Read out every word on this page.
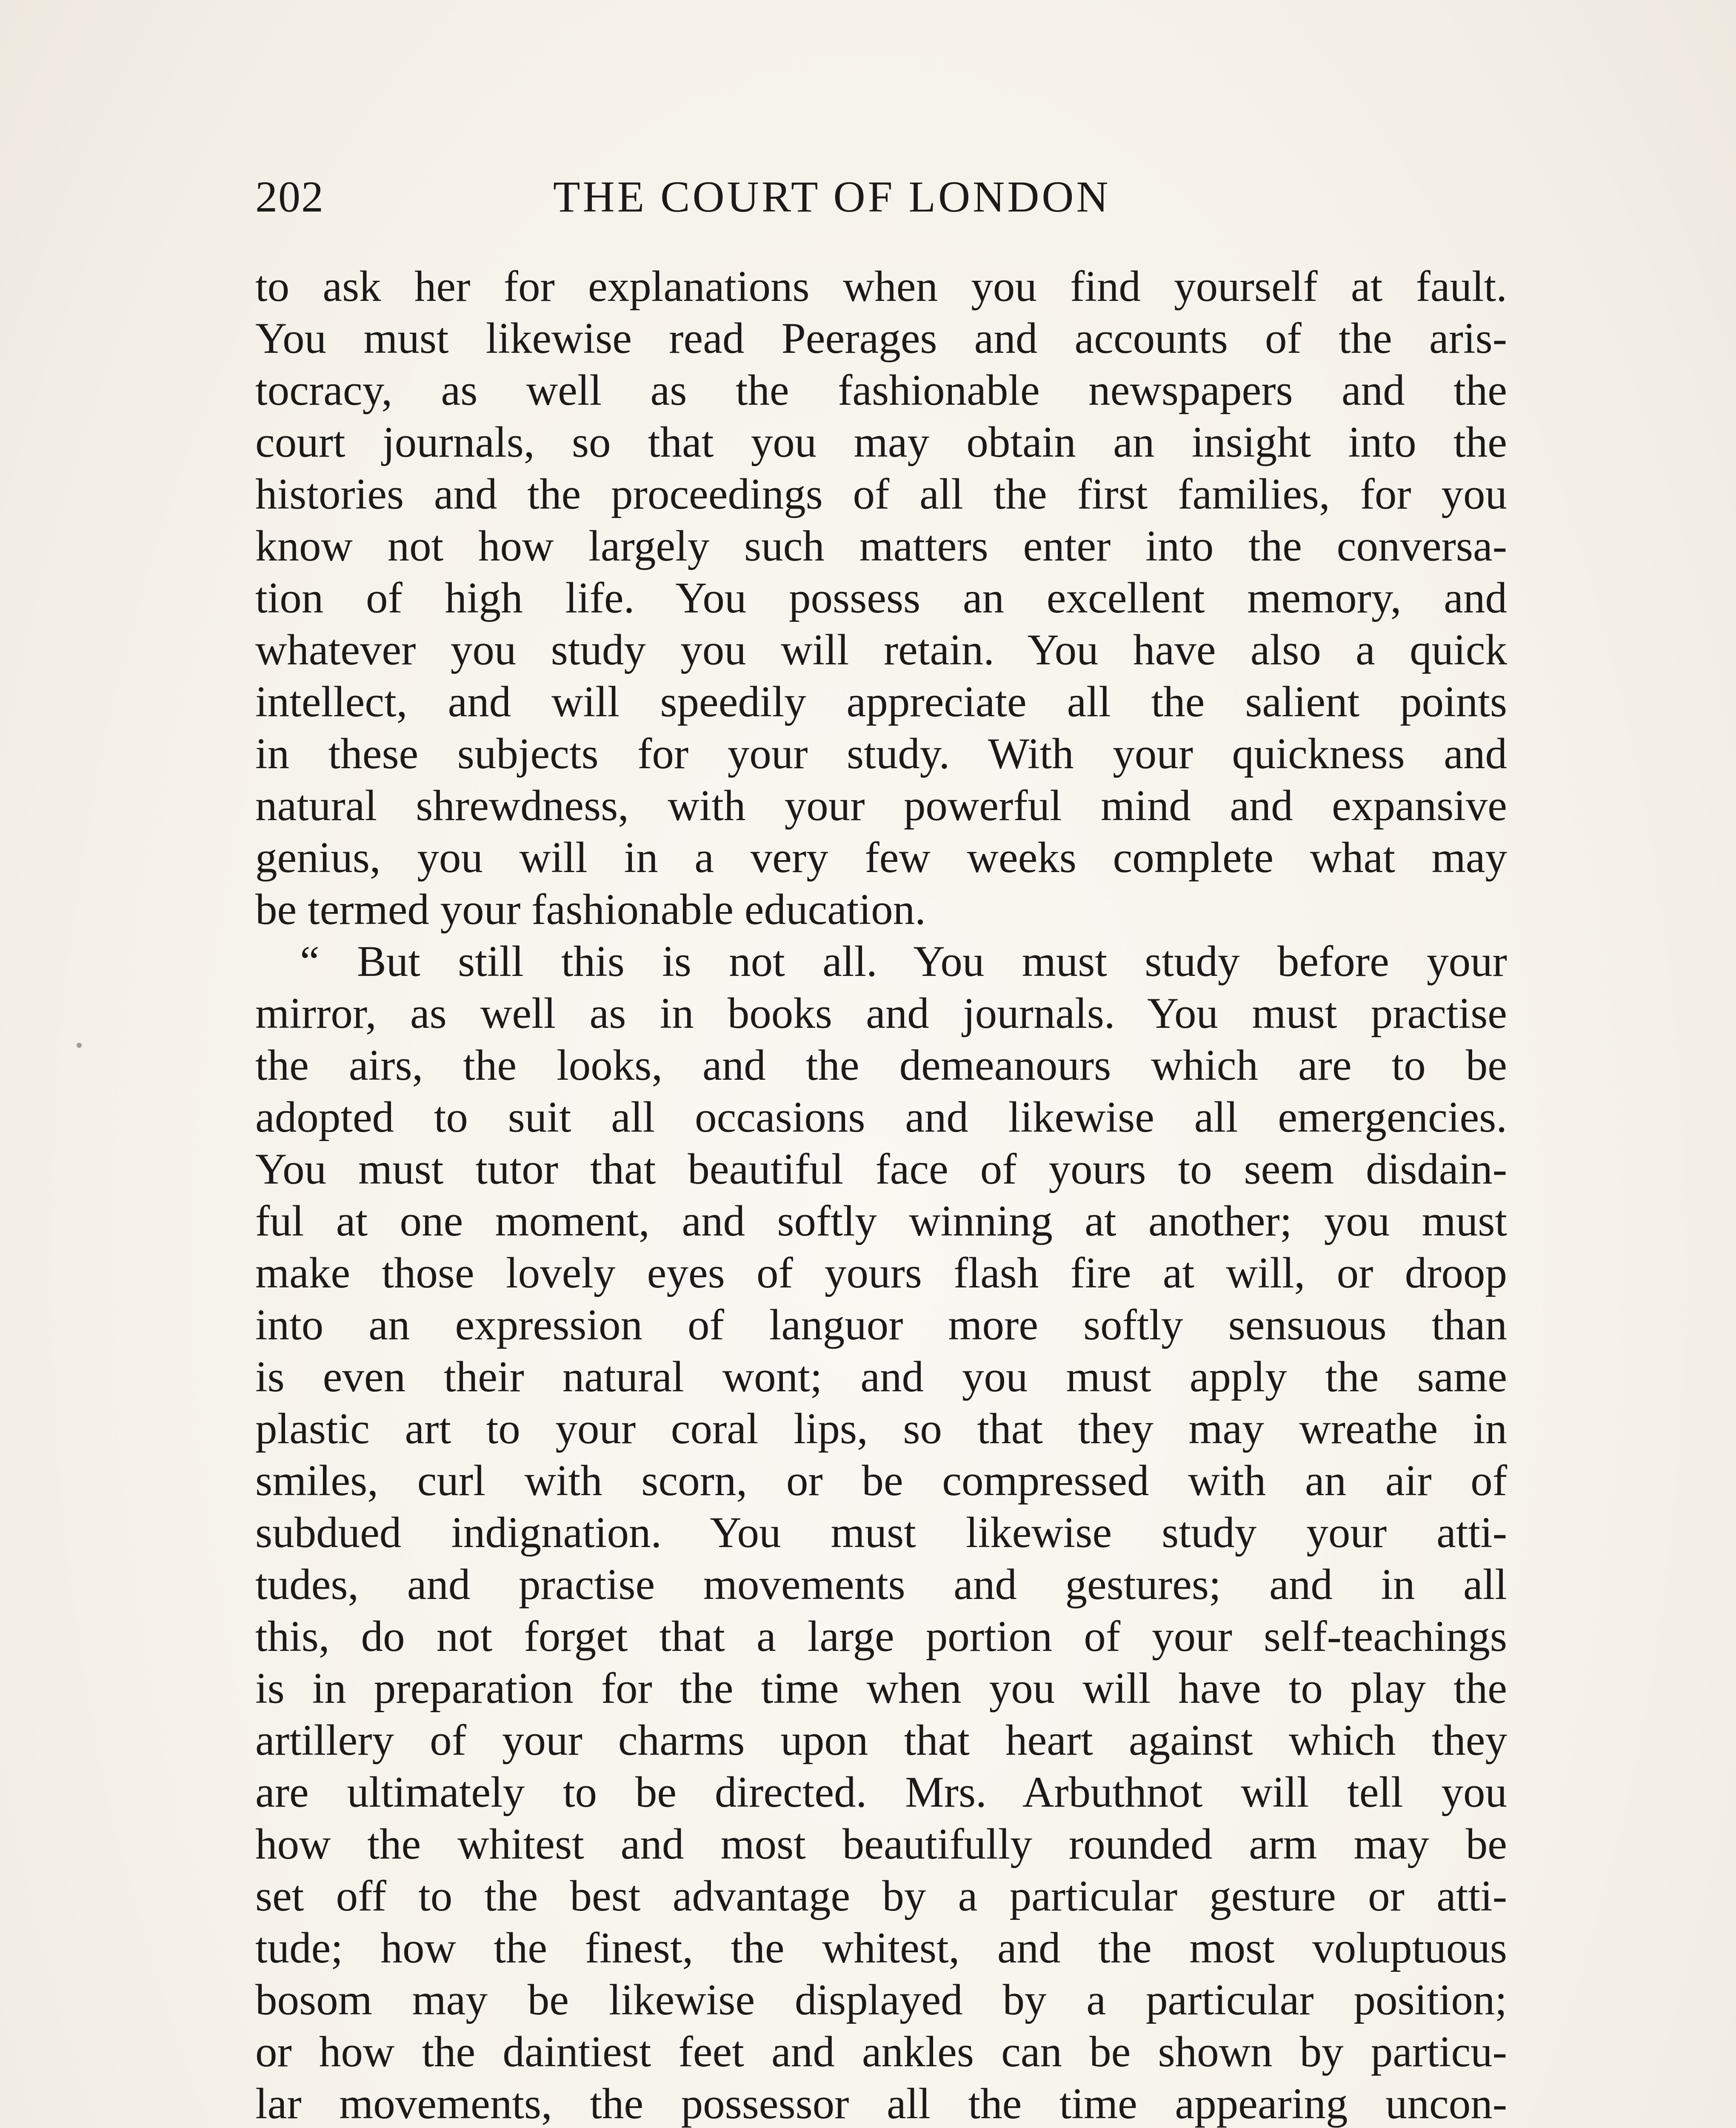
202	THE COURT OF LONDON
to ask her for explanations when you find yourself at fault.
You must likewise read Peerages and accounts of the aris-
tocracy, as well as the fashionable newspapers and the
court journals, so that you may obtain an insight into the
histories and the proceedings of all the first families, for you
know not how largely such matters enter into the conversa-
tion of high life. You possess an excellent memory, and
whatever you study you will retain. You have also a quick
intellect, and will speedily appreciate all the salient points
in these subjects for your study. With your quickness and
natural shrewdness, with your powerful mind and expansive
genius, you will in a very few weeks complete what may
be termed your fashionable education.
“ But still this is not all. You must study before your
mirror, as well as in books and journals. You must practise
the airs, the looks, and the demeanours which are to be
adopted to suit all occasions and likewise all emergencies.
You must tutor that beautiful face of yours to seem disdain-
ful at one moment, and softly winning at another; you must
make those lovely eyes of yours flash fire at will, or droop
into an expression of languor more softly sensuous than
is even their natural wont; and you must apply the same
plastic art to your coral lips, so that they may wreathe in
smiles, curl with scorn, or be compressed with an air of
subdued indignation. You must likewise study your atti-
tudes, and practise movements and gestures; and in all
this, do not forget that a large portion of your self-teachings
is in preparation for the time when you will have to play the
artillery of your charms upon that heart against which they
are ultimately to be directed. Mrs. Arbuthnot will tell you
how the whitest and most beautifully rounded arm may be
set off to the best advantage by a particular gesture or atti-
tude; how the finest, the whitest, and the most voluptuous
bosom may be likewise displayed by a particular position;
or how the daintiest feet and ankles can be shown by particu-
lar movements, the possessor all the time appearing uncon-
